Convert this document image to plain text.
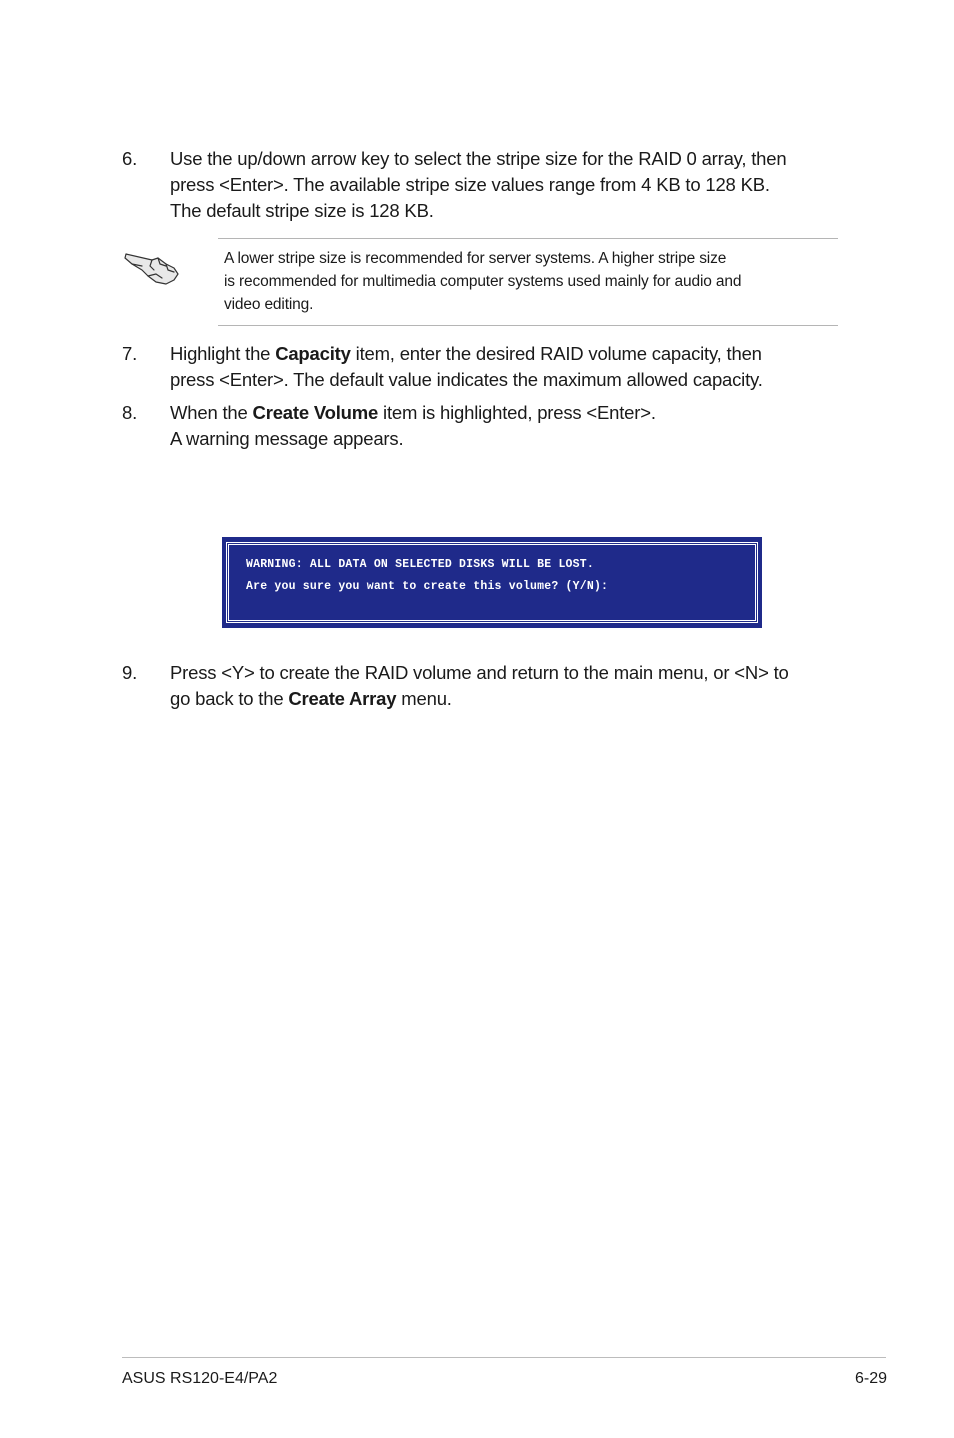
6. Use the up/down arrow key to select the stripe size for the RAID 0 array, then
press <Enter>. The available stripe size values range from 4 KB to 128 KB.
The default stripe size is 128 KB.
A lower stripe size is recommended for server systems. A higher stripe size
is recommended for multimedia computer systems used mainly for audio and
video editing.
7. Highlight the Capacity item, enter the desired RAID volume capacity, then
press <Enter>. The default value indicates the maximum allowed capacity.
8. When the Create Volume item is highlighted, press <Enter>.
A warning message appears.
WARNING: ALL DATA ON SELECTED DISKS WILL BE LOST.
Are you sure you want to create this volume? (Y/N):
9. Press <Y> to create the RAID volume and return to the main menu, or <N> to
go back to the Create Array menu.
ASUS RS120-E4/PA2	6-29
